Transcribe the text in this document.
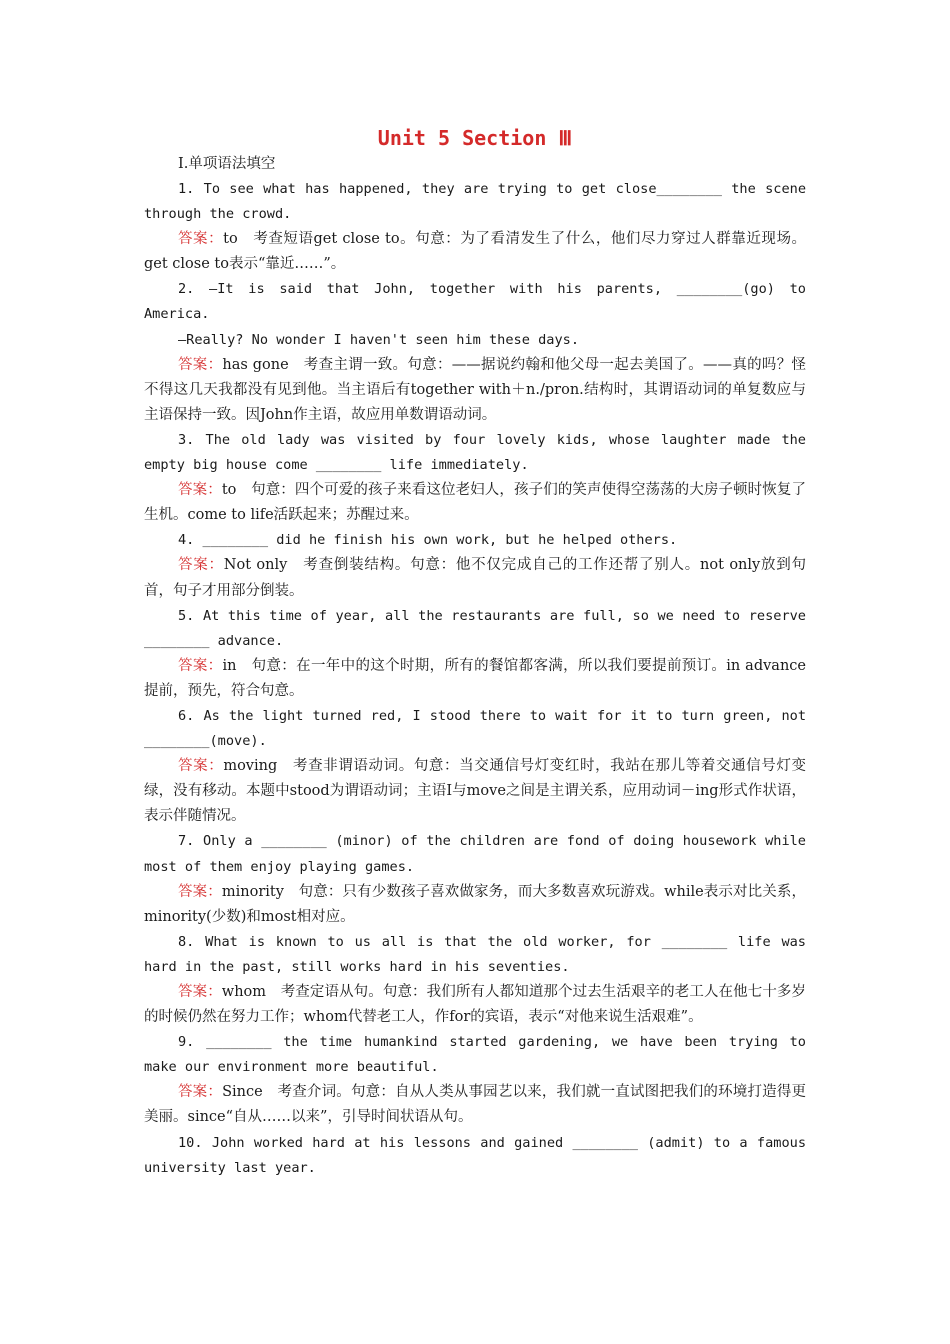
Unit 5 Section Ⅲ

Ⅰ.单项语法填空

1. To see what has happened, they are trying to get close________ the scene through the crowd.

答案：to　考查短语get close to。句意：为了看清发生了什么，他们尽力穿过人群靠近现场。get close to表示“靠近……”。

2. —It is said that John, together with his parents, ________(go) to America.

—Really? No wonder I haven't seen him these days.

答案：has gone　考查主谓一致。句意：——据说约翰和他父母一起去美国了。——真的吗？怪不得这几天我都没有见到他。当主语后有together with＋n./pron.结构时，其谓语动词的单复数应与主语保持一致。因John作主语，故应用单数谓语动词。

3. The old lady was visited by four lovely kids, whose laughter made the empty big house come ________ life immediately.

答案：to　句意：四个可爱的孩子来看这位老妇人，孩子们的笑声使得空荡荡的大房子顿时恢复了生机。come to life活跃起来；苏醒过来。

4. ________ did he finish his own work, but he helped others.

答案：Not only　考查倒装结构。句意：他不仅完成自己的工作还帮了别人。not only放到句首，句子才用部分倒装。

5. At this time of year, all the restaurants are full, so we need to reserve ________ advance.

答案：in　句意：在一年中的这个时期，所有的餐馆都客满，所以我们要提前预订。in advance提前，预先，符合句意。

6. As the light turned red, I stood there to wait for it to turn green, not ________(move).

答案：moving　考查非谓语动词。句意：当交通信号灯变红时，我站在那儿等着交通信号灯变绿，没有移动。本题中stood为谓语动词；主语I与move之间是主谓关系，应用动词－ing形式作状语，表示伴随情况。

7. Only a ________ (minor) of the children are fond of doing housework while most of them enjoy playing games.

答案：minority　句意：只有少数孩子喜欢做家务，而大多数喜欢玩游戏。while表示对比关系，minority(少数)和most相对应。

8. What is known to us all is that the old worker, for ________ life was hard in the past, still works hard in his seventies.

答案：whom　考查定语从句。句意：我们所有人都知道那个过去生活艰辛的老工人在他七十多岁的时候仍然在努力工作；whom代替老工人，作for的宾语，表示“对他来说生活艰难”。

9. ________ the time humankind started gardening, we have been trying to make our environment more beautiful.

答案：Since　考查介词。句意：自从人类从事园艺以来，我们就一直试图把我们的环境打造得更美丽。since“自从……以来”，引导时间状语从句。

10. John worked hard at his lessons and gained ________ (admit) to a famous university last year.
